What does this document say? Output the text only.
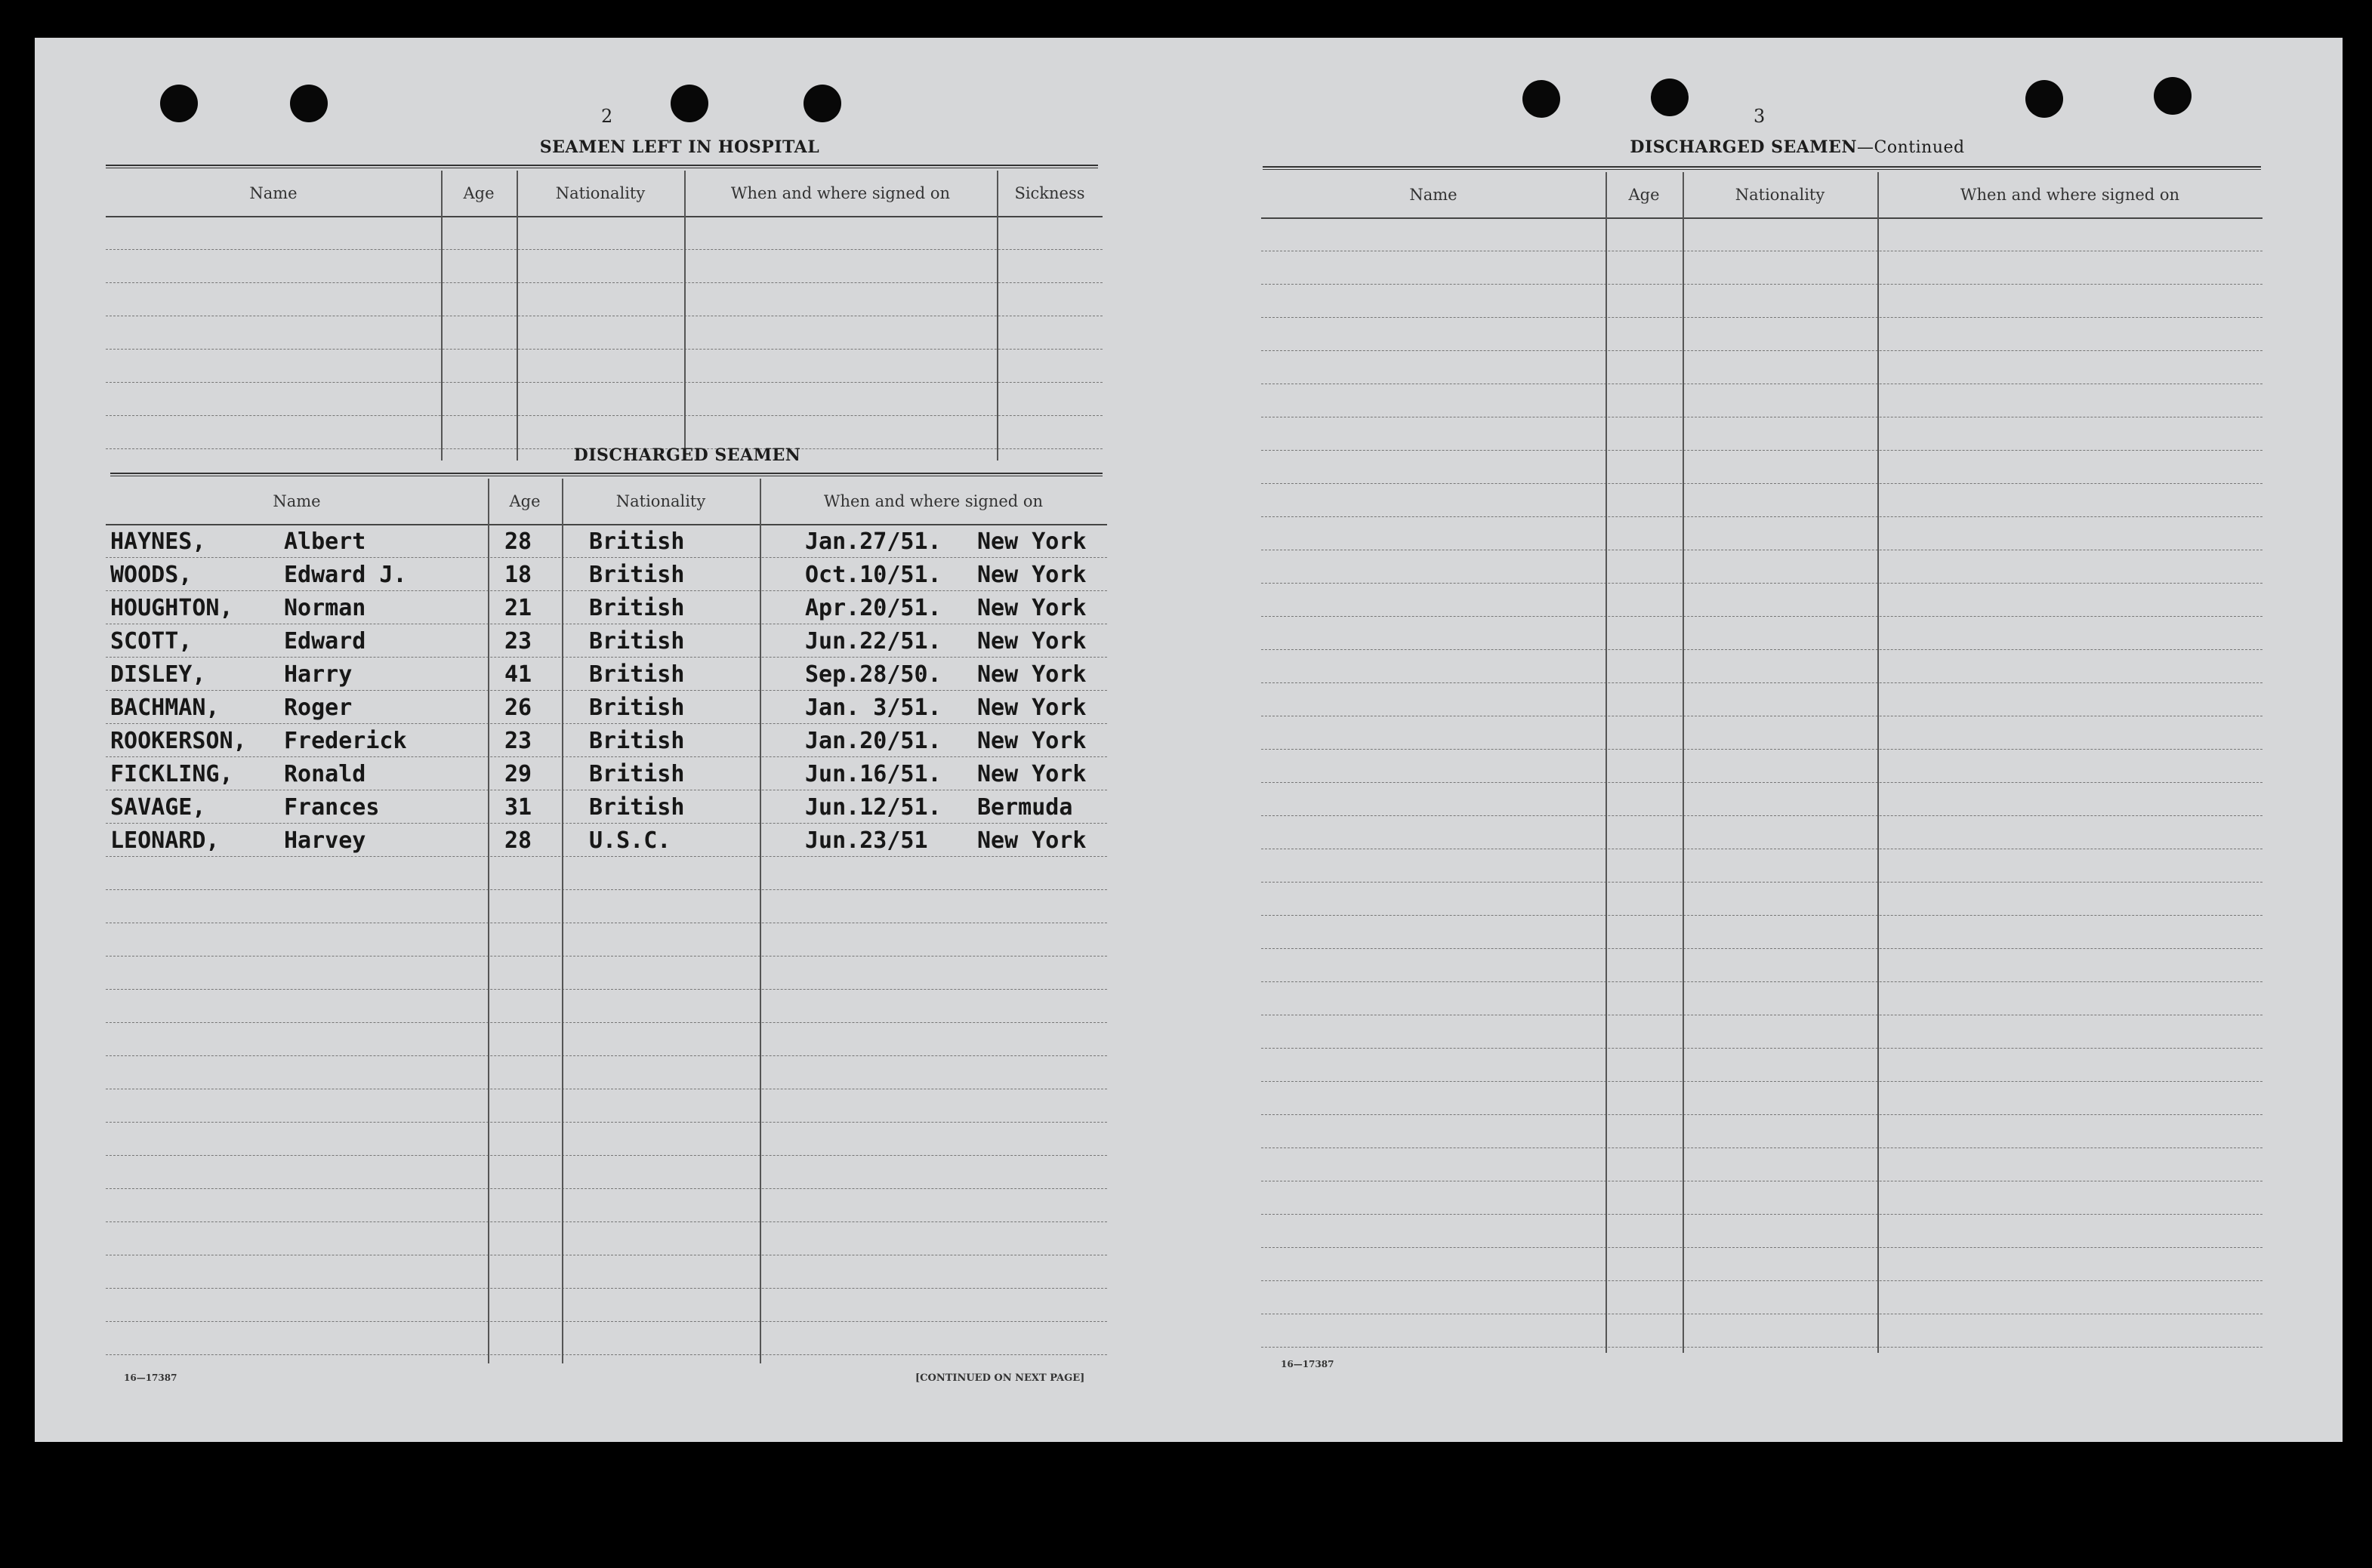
2
SEAMEN LEFT IN HOSPITAL
Name	Age	Nationality	When and where signed on	Sickness
DISCHARGED SEAMEN
Name	Age	Nationality	When and where signed on
HAYNES,	Albert	28	British	Jan.27/51. New York
WOODS,	Edward J.	18	British	Oct.10/51. New York
HOUGHTON, Norman	21	British	Apr.20/51. New York
SCOTT,	Edward	23	British	Jun.22/51. New York
DISLEY,	Harry	41	British	Sep.28/50. New York
BACHMAN,	Roger	26	British	Jan. 3/51. New York
ROOKERSON, Frederick	23	British	Jan.20/51. New York
FICKLING, Ronald	29	British	Jun.16/51. New York
SAVAGE,	Frances	31	British	Jun.12/51. Bermuda
LEONARD,	Harvey	28	U.S.C.	Jun.23/51 New York
16—17387	[CONTINUED ON NEXT PAGE]
3
DISCHARGED SEAMEN—Continued
Name	Age	Nationality	When and where signed on
16—17387
